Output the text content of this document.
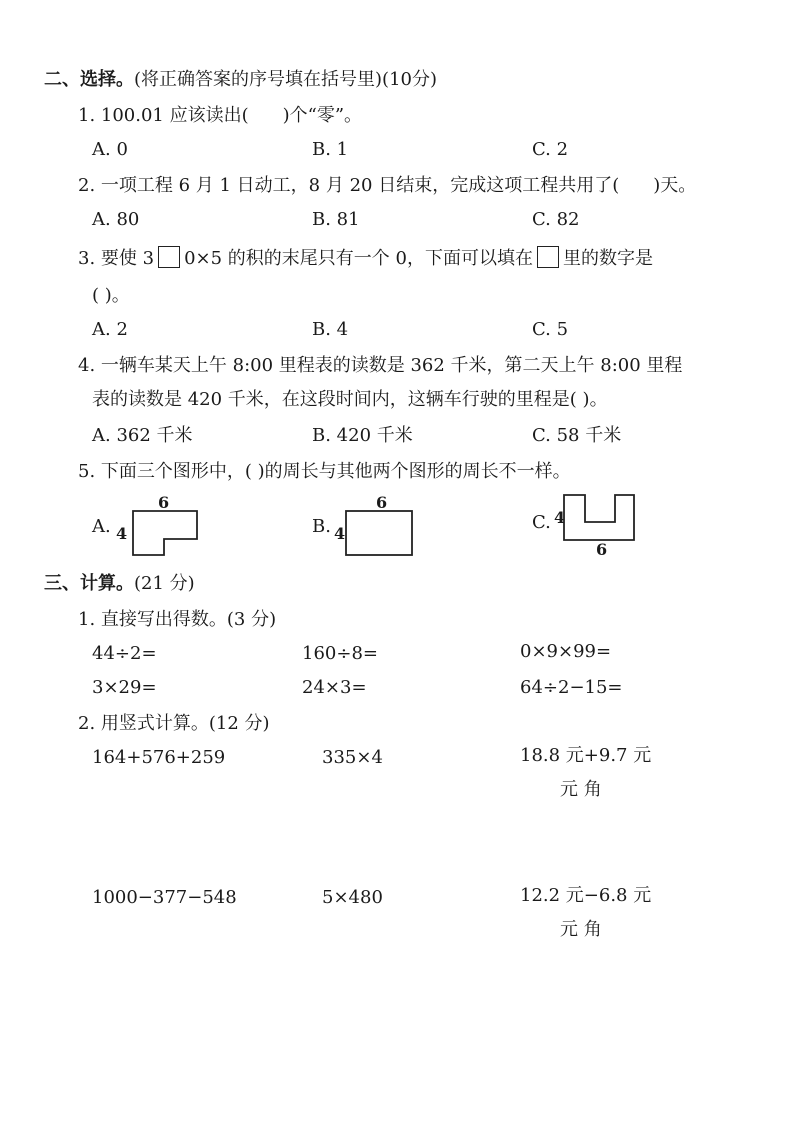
二、选择。(将正确答案的序号填在括号里)(10分)
1. 100.01 应该读出( )个“零”。
A. 0	B. 1	C. 2
2. 一项工程 6 月 1 日动工，8 月 20 日结束，完成这项工程共用了( )天。
A. 80	B. 81	C. 82
3. 要使 3 0×5 的积的末尾只有一个 0，下面可以填在 里的数字是
( )。
A. 2	B. 4	C. 5
4. 一辆车某天上午 8:00 里程表的读数是 362 千米，第二天上午 8:00 里程
表的读数是 420 千米，在这段时间内，这辆车行驶的里程是( )。
A. 362 千米	B. 420 千米	C. 58 千米
5. 下面三个图形中，( )的周长与其他两个图形的周长不一样。
A. 4
6
B. 4
6
C. 4
6
三、计算。(21 分)
1. 直接写出得数。(3 分)
44÷2=	160÷8=	0×9×99=
3×29=	24×3=	64÷2−15=
2. 用竖式计算。(12 分)
164+576+259	335×4	18.8 元+9.7 元
元 角
1000−377−548	5×480	12.2 元−6.8 元
元 角
